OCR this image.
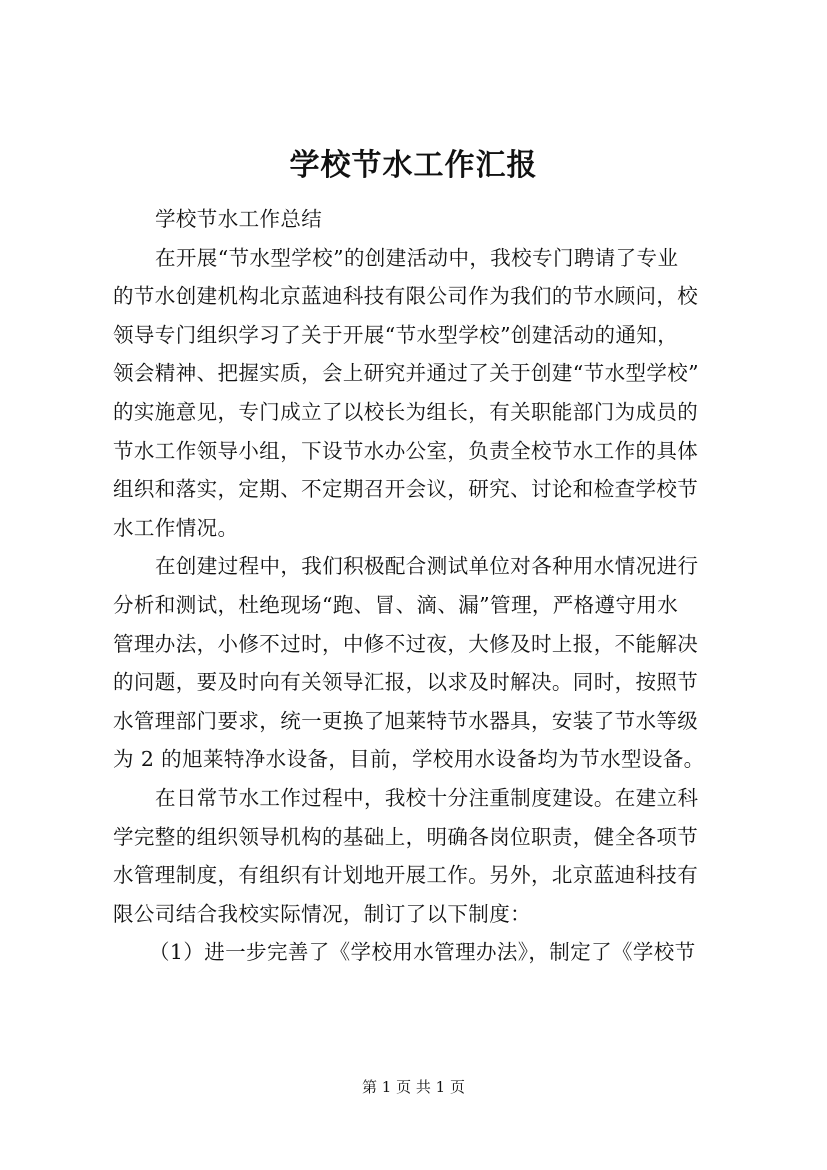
学校节水工作汇报
学校节水工作总结
在开展“节水型学校”的创建活动中，我校专门聘请了专业
的节水创建机构北京蓝迪科技有限公司作为我们的节水顾问，校
领导专门组织学习了关于开展“节水型学校”创建活动的通知，
领会精神、把握实质，会上研究并通过了关于创建“节水型学校”
的实施意见，专门成立了以校长为组长，有关职能部门为成员的
节水工作领导小组，下设节水办公室，负责全校节水工作的具体
组织和落实，定期、不定期召开会议，研究、讨论和检查学校节
水工作情况。
在创建过程中，我们积极配合测试单位对各种用水情况进行
分析和测试，杜绝现场“跑、冒、滴、漏”管理，严格遵守用水
管理办法，小修不过时，中修不过夜，大修及时上报，不能解决
的问题，要及时向有关领导汇报，以求及时解决。同时，按照节
水管理部门要求，统一更换了旭莱特节水器具，安装了节水等级
为 2 的旭莱特净水设备，目前，学校用水设备均为节水型设备。
在日常节水工作过程中，我校十分注重制度建设。在建立科
学完整的组织领导机构的基础上，明确各岗位职责，健全各项节
水管理制度，有组织有计划地开展工作。另外，北京蓝迪科技有
限公司结合我校实际情况，制订了以下制度：
（1）进一步完善了《学校用水管理办法》，制定了《学校节
第 1 页 共 1 页
